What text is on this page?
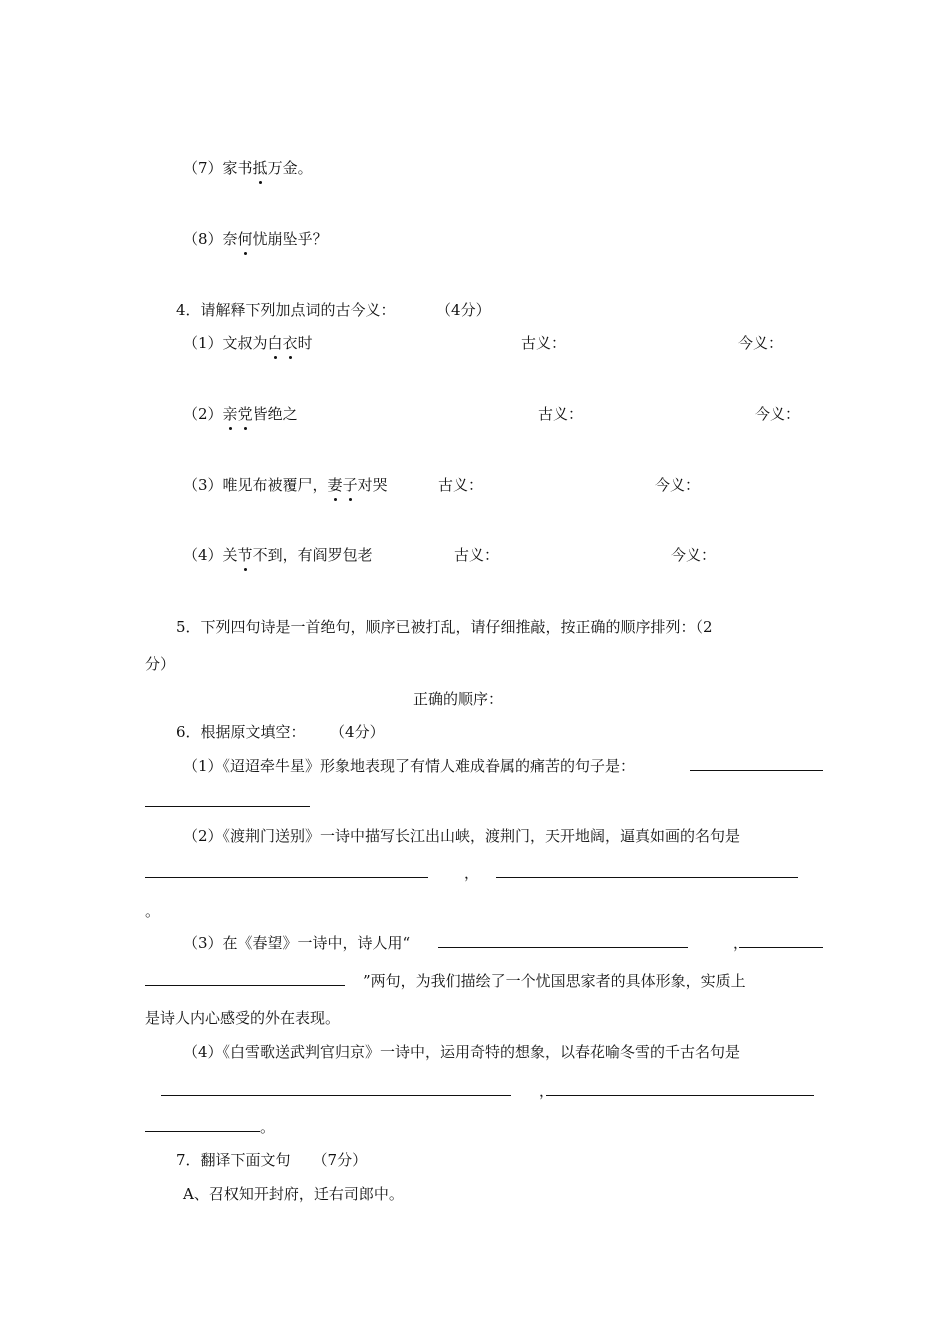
（7）家书抵万金。
（8）奈何忧崩坠乎？
4．请解释下列加点词的古今义：	（4分）
（1）文叔为白衣时	古义：	今义：
（2）亲党皆绝之	古义：	今义：
（3）唯见布被覆尸，妻子对哭	古义：	今义：
（4）关节不到，有阎罗包老	古义：	今义：
5．下列四句诗是一首绝句，顺序已被打乱，请仔细推敲，按正确的顺序排列：（2
分）
正确的顺序：
6．根据原文填空： （4分）
（1）《迢迢牵牛星》形象地表现了有情人难成眷属的痛苦的句子是：
（2）《渡荆门送别》一诗中描写长江出山峡，渡荆门，天开地阔，逼真如画的名句是
，
。
（3）在《春望》一诗中，诗人用“	，
”两句，为我们描绘了一个忧国思家者的具体形象，实质上
是诗人内心感受的外在表现。
（4）《白雪歌送武判官归京》一诗中，运用奇特的想象，以春花喻冬雪的千古名句是
，
。
7．翻译下面文句 （7分）
A、召权知开封府，迁右司郎中。
